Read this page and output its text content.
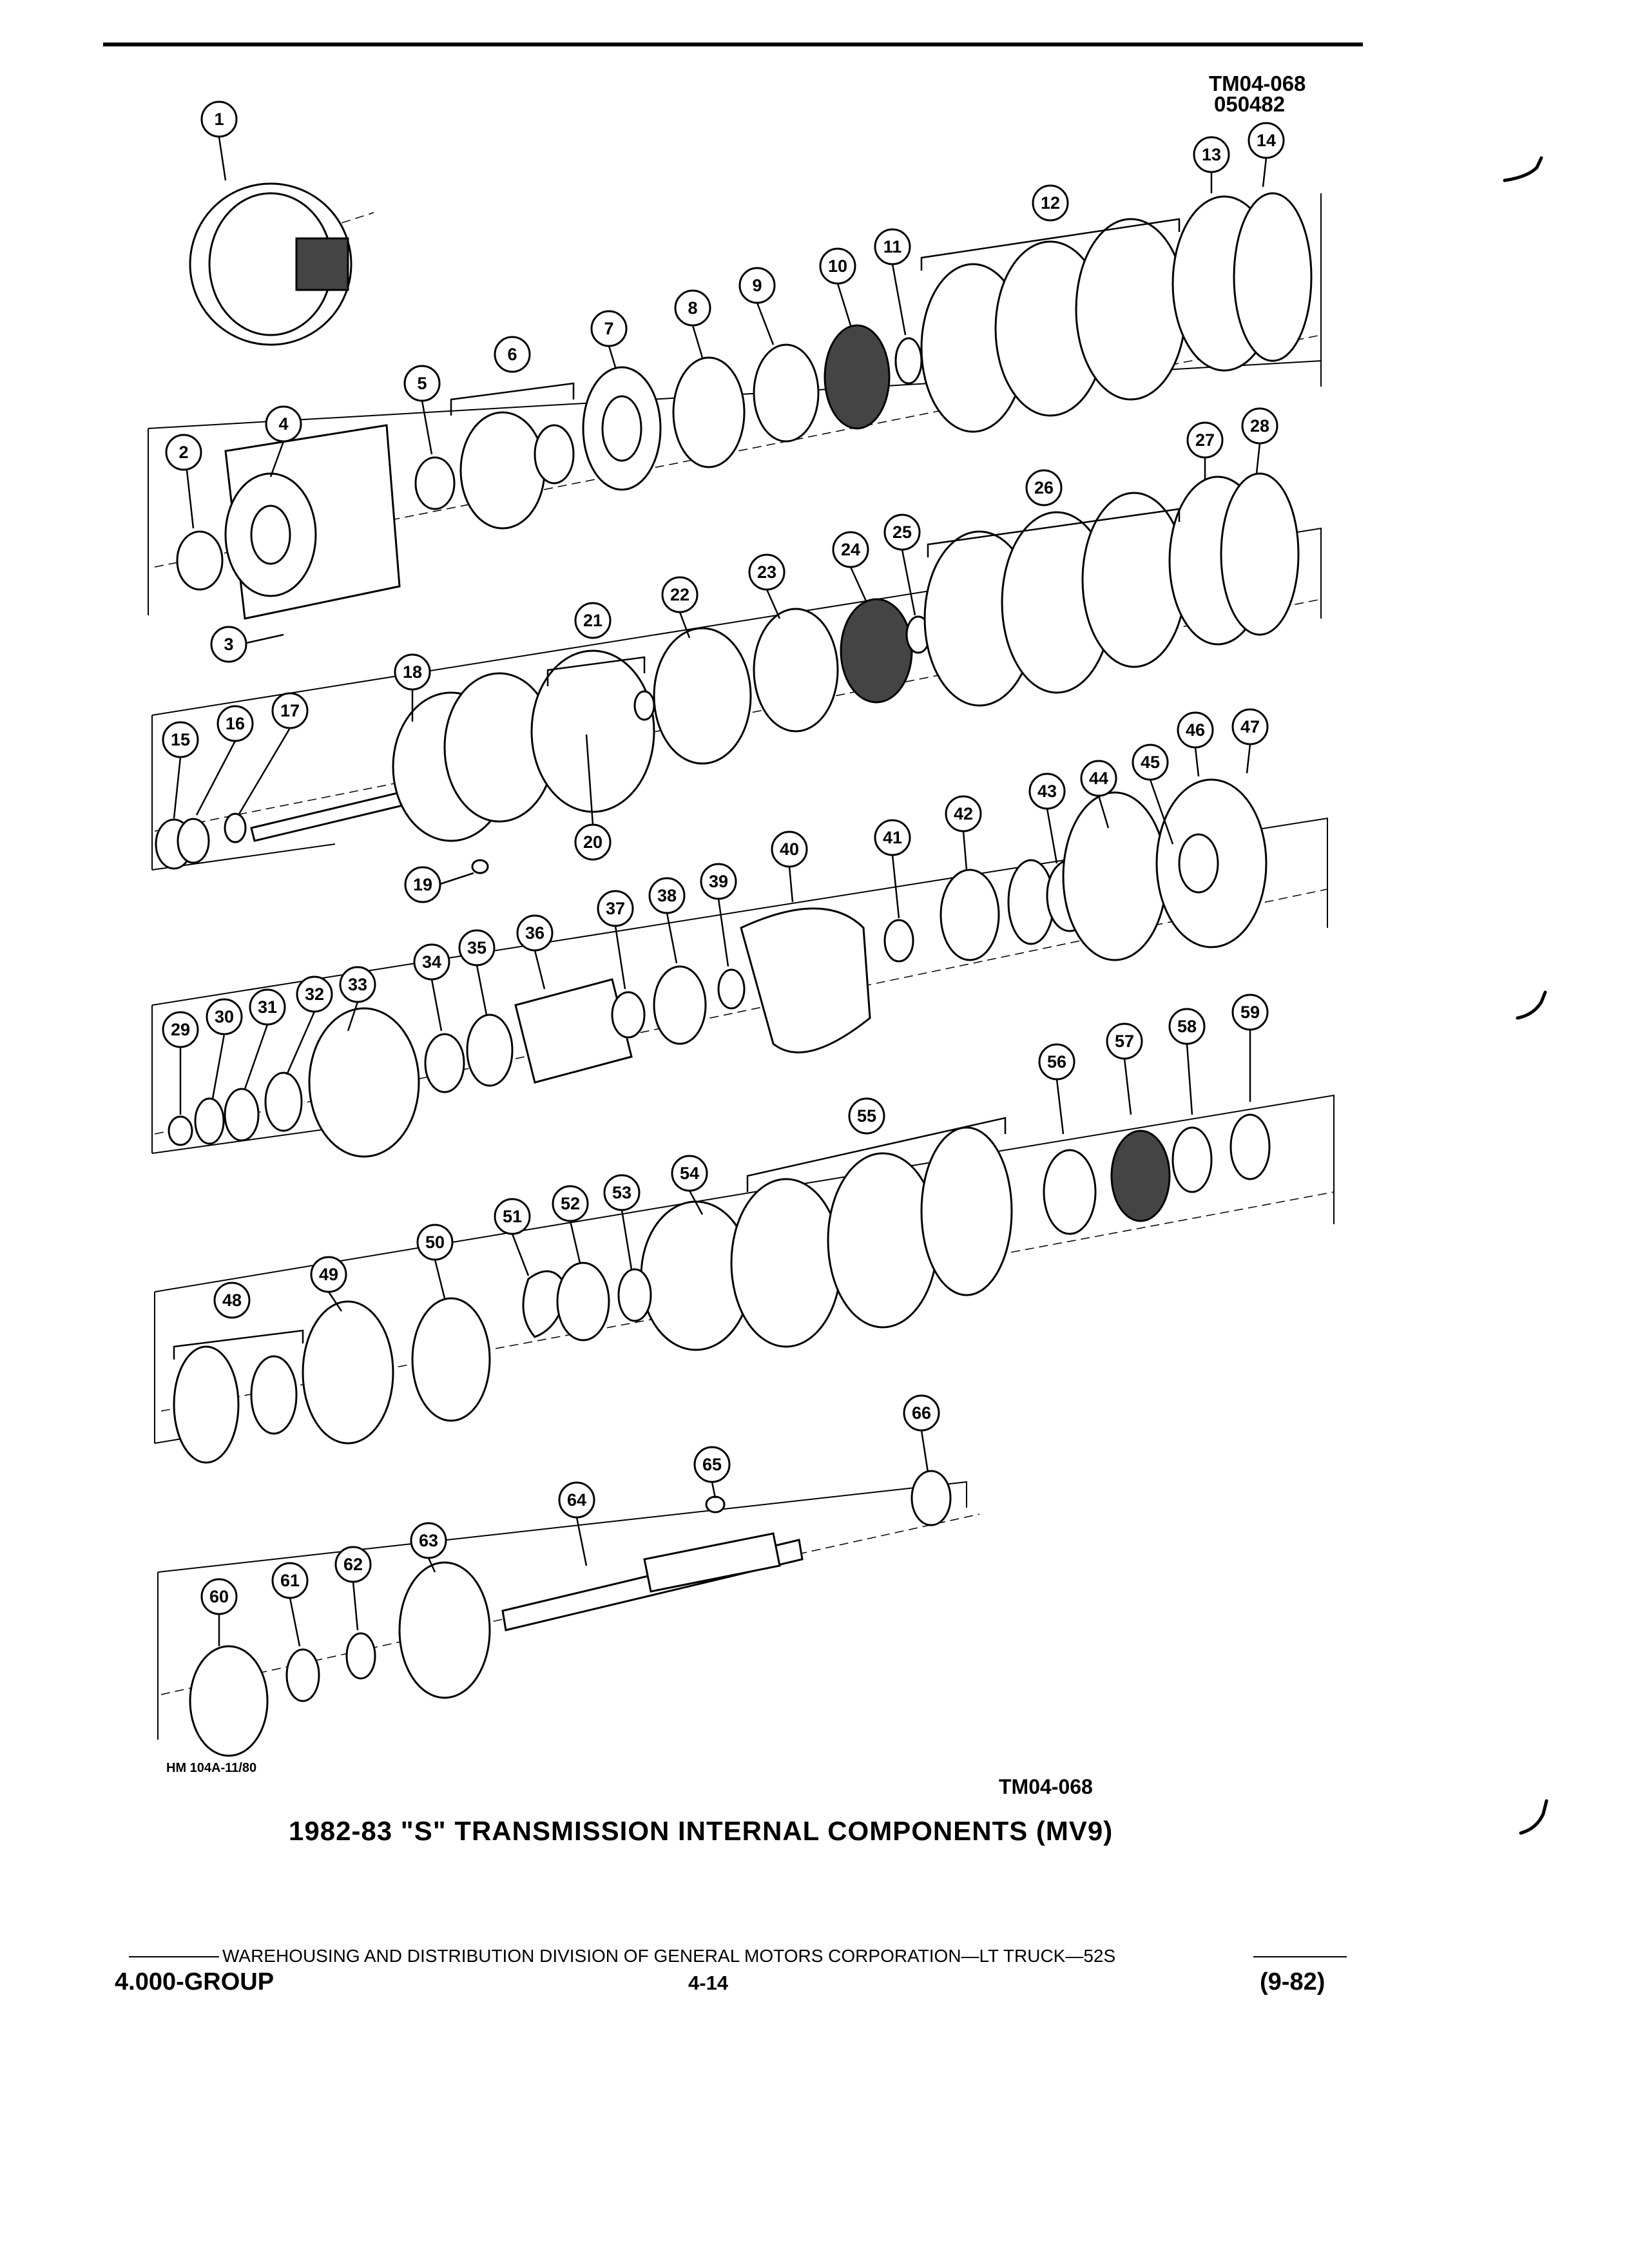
TM04-068
050482
1
2
3
4
5
6
7
8
9
10
11
12
13
14
15
16
17
18
19
20
21
22
23
24
25
26
27
28
29
30 31
32 33
34
35
36
37
38
39
40
41
42
43
44
45
46 47
48
49
50
51
52
53
54
55
56
57
58
59
60
61
62
63
64
65
66
HM 104A-11/80
TM04-068
1982-83 "S" TRANSMISSION INTERNAL COMPONENTS (MV9)
WAREHOUSING AND DISTRIBUTION DIVISION OF GENERAL MOTORS CORPORATION—LT TRUCK—52S
4.000-GROUP	4-14	(9-82)
